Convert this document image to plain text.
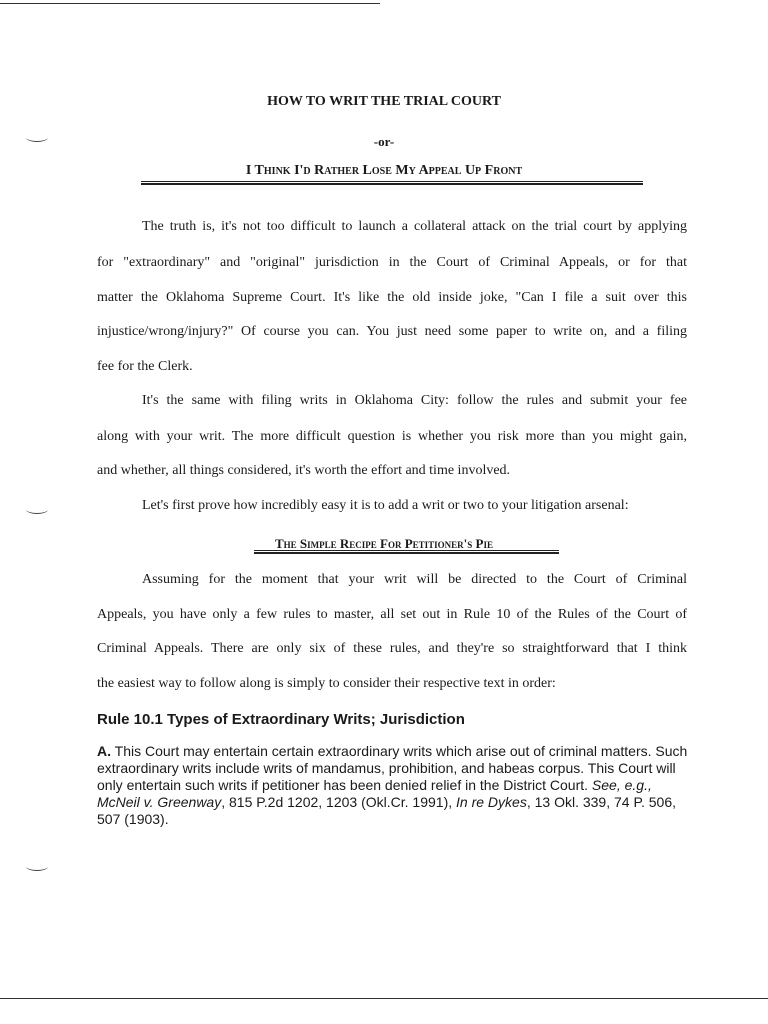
HOW TO WRIT THE TRIAL COURT
-or-
I Think I'd Rather Lose My Appeal Up Front
The truth is, it's not too difficult to launch a collateral attack on the trial court by applying
for "extraordinary" and "original" jurisdiction in the Court of Criminal Appeals, or for that
matter the Oklahoma Supreme Court. It's like the old inside joke, "Can I file a suit over this
injustice/wrong/injury?" Of course you can. You just need some paper to write on, and a filing
fee for the Clerk.
It's the same with filing writs in Oklahoma City: follow the rules and submit your fee
along with your writ. The more difficult question is whether you risk more than you might gain,
and whether, all things considered, it's worth the effort and time involved.
Let's first prove how incredibly easy it is to add a writ or two to your litigation arsenal:
The Simple Recipe For Petitioner's Pie
Assuming for the moment that your writ will be directed to the Court of Criminal
Appeals, you have only a few rules to master, all set out in Rule 10 of the Rules of the Court of
Criminal Appeals. There are only six of these rules, and they're so straightforward that I think
the easiest way to follow along is simply to consider their respective text in order:
Rule 10.1 Types of Extraordinary Writs; Jurisdiction
A. This Court may entertain certain extraordinary writs which arise out of criminal matters. Such extraordinary writs include writs of mandamus, prohibition, and habeas corpus. This Court will only entertain such writs if petitioner has been denied relief in the District Court. See, e.g., McNeil v. Greenway, 815 P.2d 1202, 1203 (Okl.Cr. 1991), In re Dykes, 13 Okl. 339, 74 P. 506, 507 (1903).
